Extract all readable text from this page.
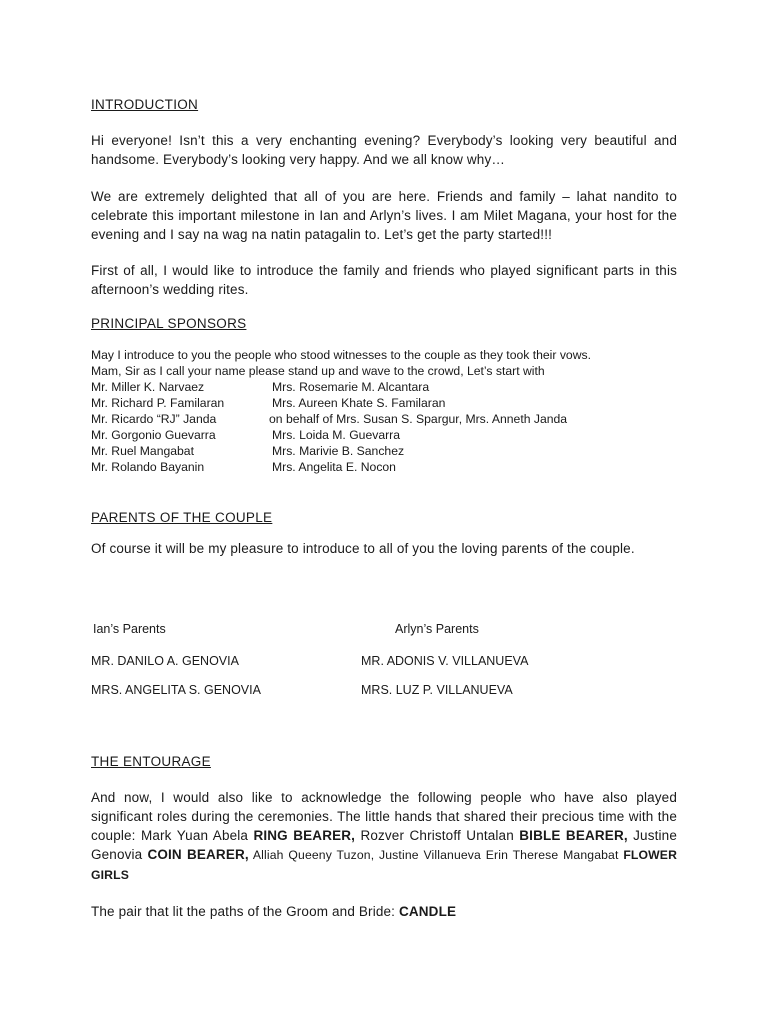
INTRODUCTION

Hi everyone! Isn’t this a very enchanting evening? Everybody’s looking very beautiful and handsome. Everybody’s looking very happy. And we all know why…

We are extremely delighted that all of you are here. Friends and family – lahat nandito to celebrate this important milestone in Ian and Arlyn’s lives. I am Milet Magana, your host for the evening and I say na wag na natin patagalin to. Let’s get the party started!!!

First of all, I would like to introduce the family and friends who played significant parts in this afternoon’s wedding rites.

PRINCIPAL SPONSORS

May I introduce to you the people who stood witnesses to the couple as they took their vows.

Mam, Sir as I call your name please stand up and wave to the crowd, Let’s start with

Mr. Miller K. Narvaez	Mrs. Rosemarie M. Alcantara
Mr. Richard P. Familaran	Mrs. Aureen Khate S. Familaran
Mr. Ricardo “RJ” Janda	on behalf of Mrs. Susan S. Spargur, Mrs. Anneth Janda
Mr. Gorgonio Guevarra	Mrs. Loida M. Guevarra
Mr. Ruel Mangabat	Mrs. Marivie B. Sanchez
Mr. Rolando Bayanin	Mrs. Angelita E. Nocon
PARENTS OF THE COUPLE

Of course it will be my pleasure to introduce to all of you the loving parents of the couple.

Ian’s Parents	Arlyn’s Parents
MR. DANILO A. GENOVIA	MR. ADONIS V. VILLANUEVA
MRS. ANGELITA S. GENOVIA	MRS. LUZ P. VILLANUEVA
THE ENTOURAGE

And now, I would also like to acknowledge the following people who have also played significant roles during the ceremonies. The little hands that shared their precious time with the couple: Mark Yuan Abela RING BEARER, Rozver Christoff Untalan BIBLE BEARER, Justine Genovia COIN BEARER, Alliah Queeny Tuzon, Justine Villanueva Erin Therese Mangabat FLOWER GIRLS

The pair that lit the paths of the Groom and Bride: CANDLE
